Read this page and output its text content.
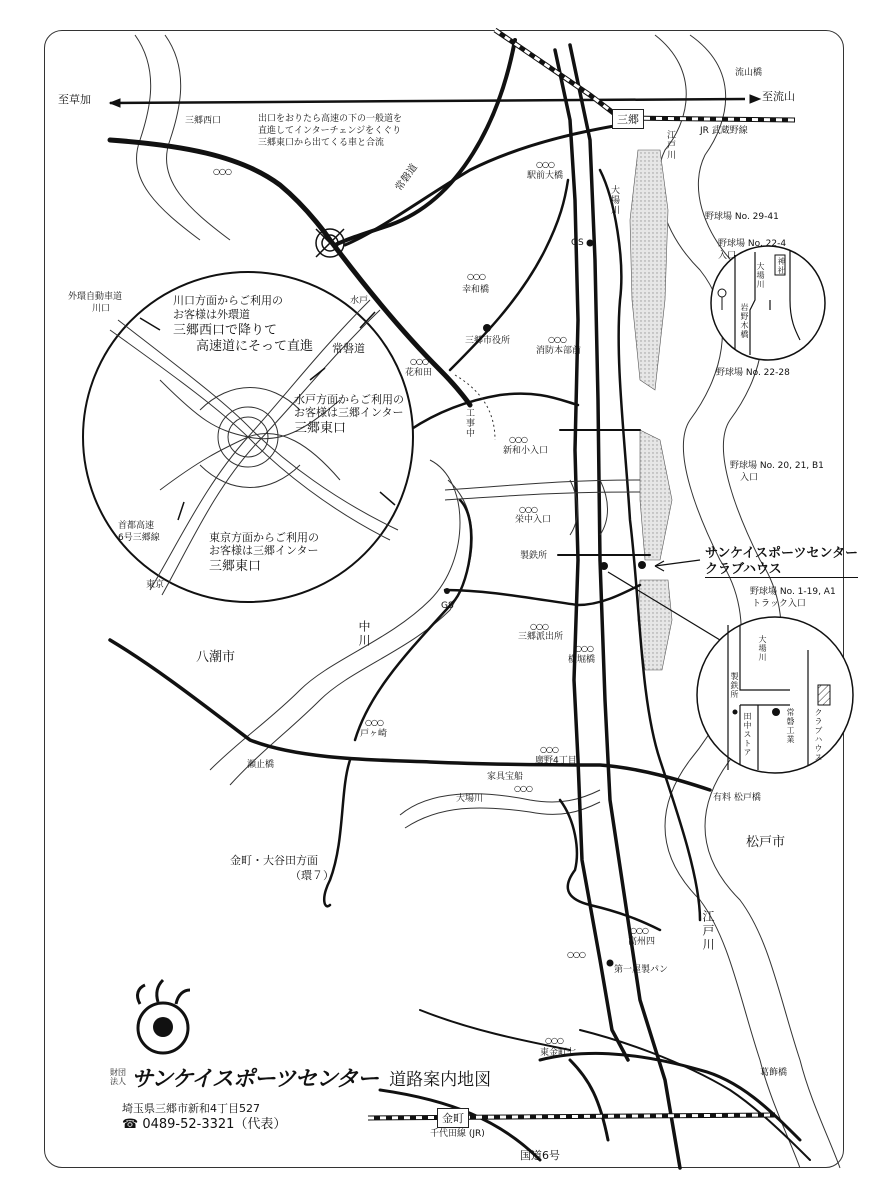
至草加	至流山
三郷
JR 武蔵野線
流山橋
三郷西口	出口をおりたら高速の下の一般道を
直進してインターチェンジをくぐり
三郷東口から出てくる車と合流
○○○	常磐道	○○○
駅前大橋
大場川
江戸川
GS
野球場 No. 29-41
野球場 No. 22-4
入口
野球場 No. 22-28
野球場 No. 20, 21, B1
入口
野球場 No. 1-19, A1
トラック入口
大場川 神社
岩野木橋
○○○
幸和橋
三郷市役所	○○○
消防本部前
○○○
花和田
工事中
○○○
新和小入口
○○○
栄中入口
製鉄所
GS
○○○
三郷派出所
○○○
横堀橋
サンケイスポーツセンター
クラブハウス
大場川
製鉄所
田中ストア	常磐工業 クラブハウス
八潮市
松戸市
中川
江戸川
○○○
戸ヶ崎
瀬止橋
○○○
廣野4丁目
家具宝船
○○○
大場川	有料 松戸橋
金町・大谷田方面
（環７）
○○○
高州四
○○○
第一屋製パン
○○○
東金町七
葛飾橋
金町
千代田線 (JR)
国道6号
外環自動車道
川口
水戸
常磐道
東京
首都高速
6号三郷線
川口方面からご利用の
お客様は外環道
三郷西口で降りて
高速道にそって直進
水戸方面からご利用の
お客様は三郷インター
三郷東口
東京方面からご利用の
お客様は三郷インター
三郷東口
財団
法人 サンケイスポーツセンター 道路案内地図
埼玉県三郷市新和4丁目527
☎ 0489-52-3321（代表）
